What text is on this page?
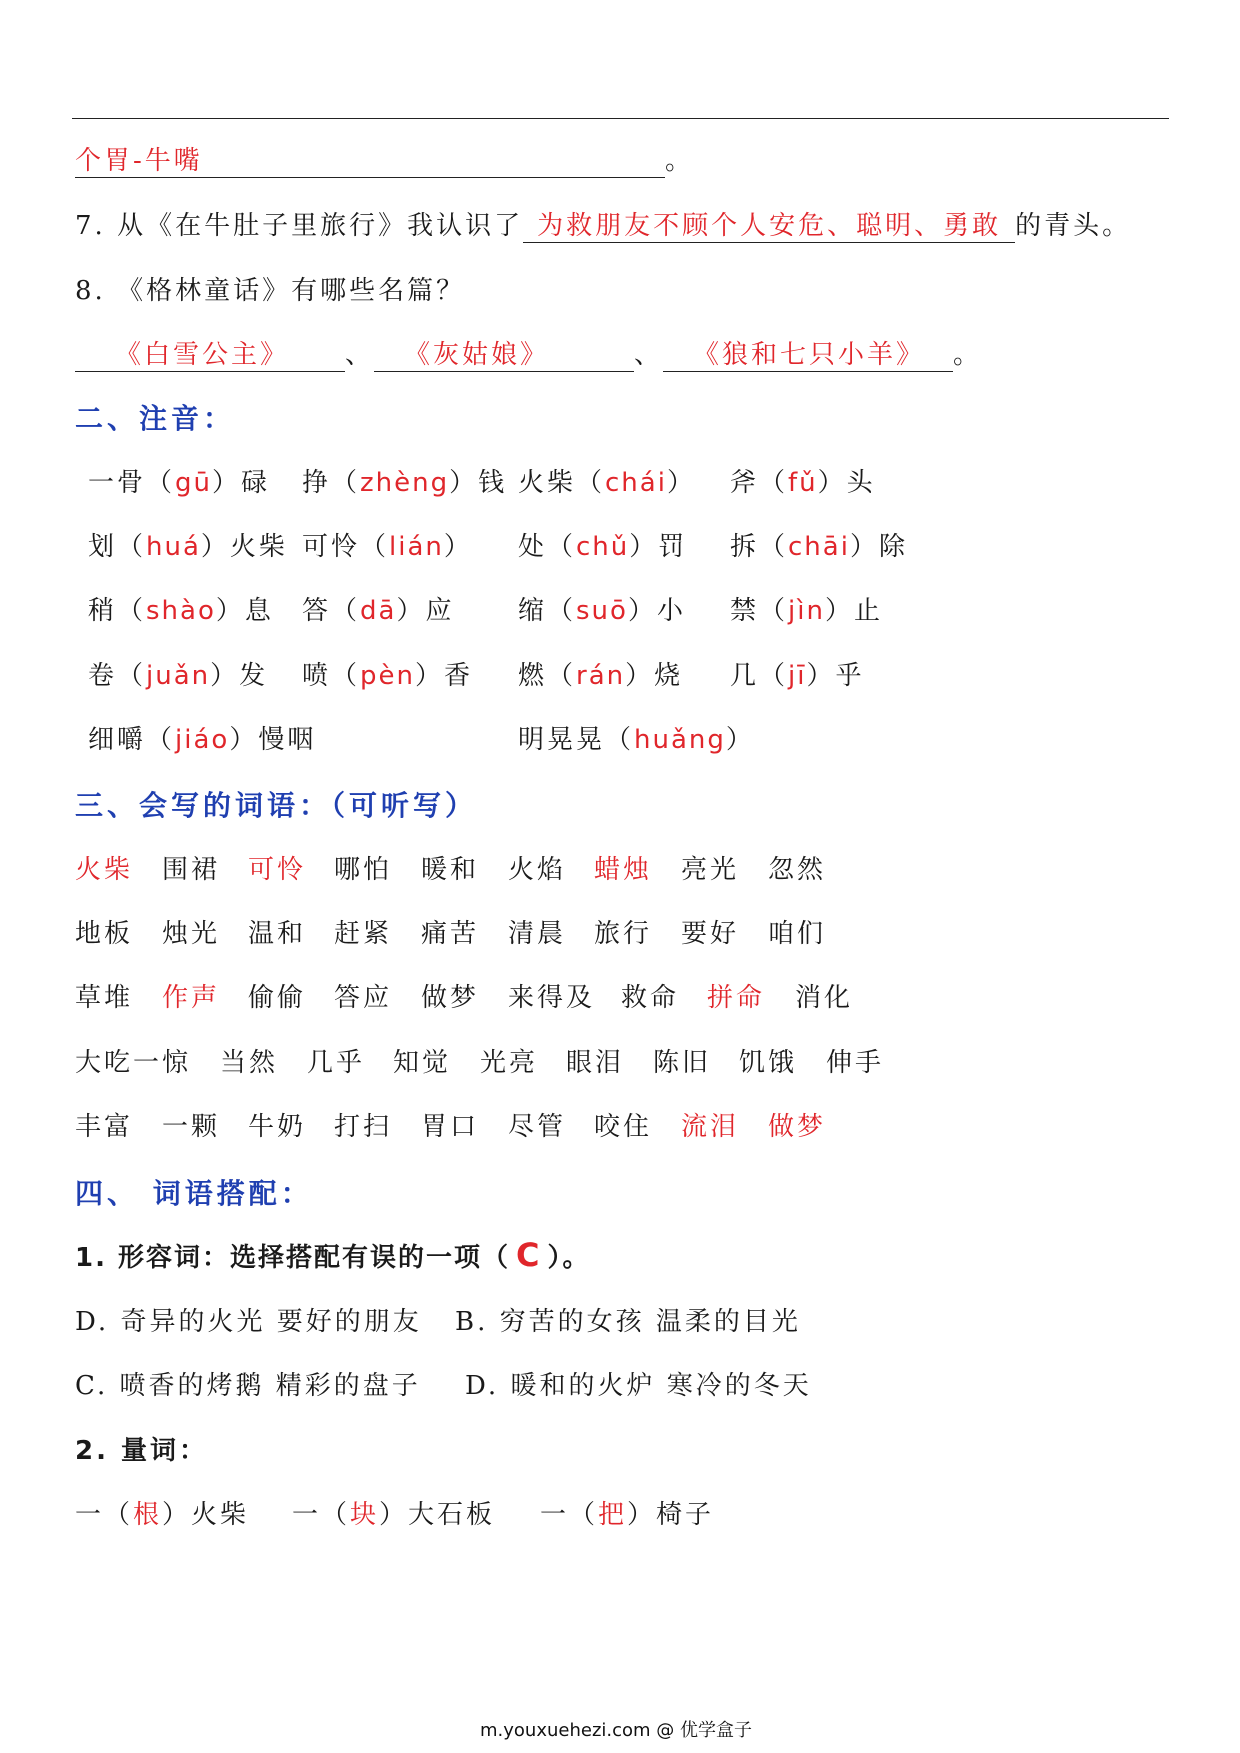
个胃-牛嘴	。
7. 从《在牛肚子里旅行》我认识了 为救朋友不顾个人安危、聪明、勇敢 的青头。
8. 《格林童话》有哪些名篇？
《白雪公主》 、 《灰姑娘》	、 《狼和七只小羊》 。
二、注音：
一骨（gū）碌 挣（zhèng）钱 火柴（chái） 斧（fǔ）头
划（huá）火柴 可怜（lián） 处（chǔ）罚 拆（chāi）除
稍（shào）息 答（dā）应 缩（suō）小 禁（jìn）止
卷（juǎn）发 喷（pèn）香 燃（rán）烧 几（jī）乎
细嚼（jiáo）慢咽	明晃晃（huǎng）
三、会写的词语：（可听写）
火柴 围裙 可怜 哪怕 暖和 火焰 蜡烛 亮光 忽然
地板 烛光 温和 赶紧 痛苦 清晨 旅行 要好 咱们
草堆 作声 偷偷 答应 做梦 来得及 救命 拼命 消化
大吃一惊 当然 几乎 知觉 光亮 眼泪 陈旧 饥饿 伸手
丰富 一颗 牛奶 打扫 胃口 尽管 咬住 流泪 做梦
四、 词语搭配：
1. 形容词：选择搭配有误的一项（ C ）。
D. 奇异的火光 要好的朋友 B. 穷苦的女孩 温柔的目光
C. 喷香的烤鹅 精彩的盘子 D. 暖和的火炉 寒冷的冬天
2. 量词：
一（根）火柴 一（块）大石板 一（把）椅子
m.youxuehezi.com @ 优学盒子
